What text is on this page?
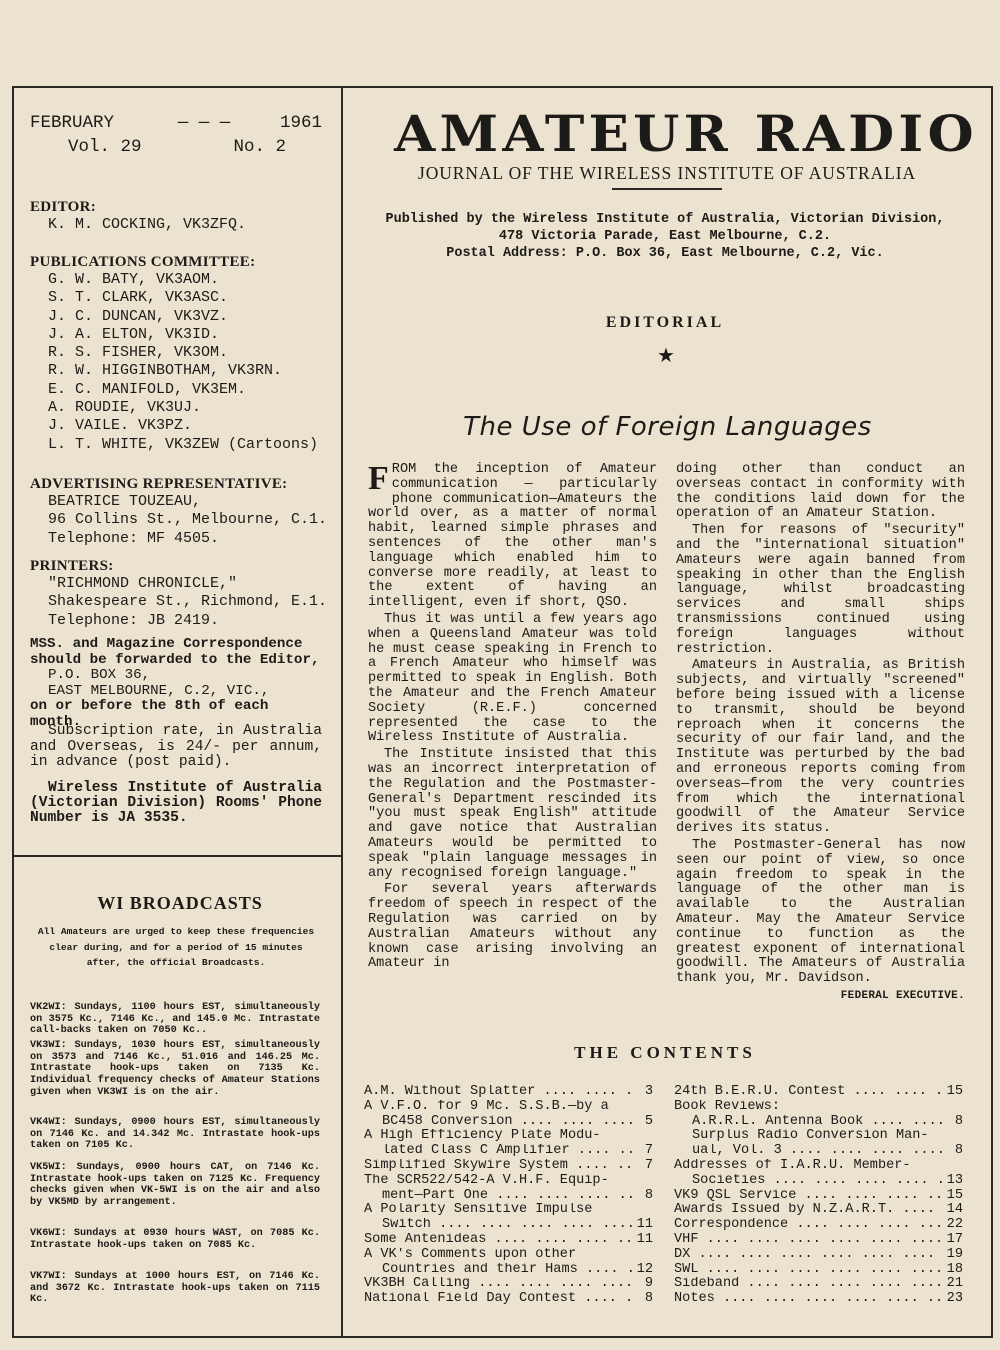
FEBRUARY	— — —	1961
Vol. 29	No. 2
EDITOR:
K. M. COCKING, VK3ZFQ.
PUBLICATIONS COMMITTEE:
G. W. BATY, VK3AOM.
S. T. CLARK, VK3ASC.
J. C. DUNCAN, VK3VZ.
J. A. ELTON, VK3ID.
R. S. FISHER, VK3OM.
R. W. HIGGINBOTHAM, VK3RN.
E. C. MANIFOLD, VK3EM.
A. ROUDIE, VK3UJ.
J. VAILE. VK3PZ.
L. T. WHITE, VK3ZEW (Cartoons)
ADVERTISING REPRESENTATIVE:
BEATRICE TOUZEAU,
96 Collins St., Melbourne, C.1.
Telephone: MF 4505.
PRINTERS:
"RICHMOND CHRONICLE,"
Shakespeare St., Richmond, E.1.
Telephone: JB 2419.
MSS. and Magazine Correspondence
should be forwarded to the Editor,
P.O. BOX 36,
EAST MELBOURNE, C.2, VIC.,
on or before the 8th of each month.
Subscription rate, in Australia and Overseas, is 24/- per annum, in advance (post paid).
Wireless Institute of Australia (Victorian Division) Rooms' Phone Number is JA 3535.
WI BROADCASTS
All Amateurs are urged to keep these frequencies clear during, and for a period of 15 minutes after, the official Broadcasts.
VK2WI: Sundays, 1100 hours EST, simultaneously on 3575 Kc., 7146 Kc., and 145.0 Mc. Intrastate call-backs taken on 7050 Kc..
VK3WI: Sundays, 1030 hours EST, simultaneously on 3573 and 7146 Kc., 51.016 and 146.25 Mc. Intrastate hook-ups taken on 7135 Kc. Individual frequency checks of Amateur Stations given when VK3WI is on the air.
VK4WI: Sundays, 0900 hours EST, simultaneously on 7146 Kc. and 14.342 Mc. Intrastate hook-ups taken on 7105 Kc.
VK5WI: Sundays, 0900 hours CAT, on 7146 Kc. Intrastate hook-ups taken on 7125 Kc. Frequency checks given when VK-5WI is on the air and also by VK5MD by arrangement.
VK6WI: Sundays at 0930 hours WAST, on 7085 Kc. Intrastate hook-ups taken on 7085 Kc.
VK7WI: Sundays at 1000 hours EST, on 7146 Kc. and 3672 Kc. Intrastate hook-ups taken on 7115 Kc.
AMATEUR RADIO
JOURNAL OF THE WIRELESS INSTITUTE OF AUSTRALIA
Published by the Wireless Institute of Australia, Victorian Division,
478 Victoria Parade, East Melbourne, C.2.
Postal Address: P.O. Box 36, East Melbourne, C.2, Vic.
EDITORIAL
★
The Use of Foreign Languages

FROM the inception of Amateur communication — particularly phone communication—Amateurs the world over, as a matter of normal habit, learned simple phrases and sentences of the other man's language which enabled him to converse more readily, at least to the extent of having an intelligent, even if short, QSO.

Thus it was until a few years ago when a Queensland Amateur was told he must cease speaking in French to a French Amateur who himself was permitted to speak in English. Both the Amateur and the French Amateur Society (R.E.F.) concerned represented the case to the Wireless Institute of Australia.

The Institute insisted that this was an incorrect interpretation of the Regulation and the Postmaster-General's Department rescinded its "you must speak English" attitude and gave notice that Australian Amateurs would be permitted to speak "plain language messages in any recognised foreign language."

For several years afterwards freedom of speech in respect of the Regulation was carried on by Australian Amateurs without any known case arising involving an Amateur in

doing other than conduct an overseas contact in conformity with the conditions laid down for the operation of an Amateur Station.

Then for reasons of "security" and the "international situation" Amateurs were again banned from speaking in other than the English language, whilst broadcasting services and small ships transmissions continued using foreign languages without restriction.

Amateurs in Australia, as British subjects, and virtually "screened" before being issued with a license to transmit, should be beyond reproach when it concerns the security of our fair land, and the Institute was perturbed by the bad and erroneous reports coming from overseas—from the very countries from which the international goodwill of the Amateur Service derives its status.

The Postmaster-General has now seen our point of view, so once again freedom to speak in the language of the other man is available to the Australian Amateur. May the Amateur Service continue to function as the greatest exponent of international goodwill. The Amateurs of Australia thank you, Mr. Davidson.

FEDERAL EXECUTIVE.
THE CONTENTS
A.M. Without Splatter ....	3
A V.F.O. for 9 Mc. S.S.B.—by a
BC458 Conversion ....	5
A High Efficiency Plate Modu-
lated Class C Amplifier ....	7
Simplified Skywire System ....	7
The SCR522/542-A V.H.F. Equip-
ment—Part One ....	8
A Polarity Sensitive Impulse
Switch ....	11
Some Antenideas ....	11
A VK's Comments upon other
Countries and their Hams ....	12
VK3BH Calling ....	9
National Field Day Contest ....	8
24th B.E.R.U. Contest ....	15
Book Reviews:
A.R.R.L. Antenna Book ....	8
Surplus Radio Conversion Man-
ual, Vol. 3 ....	8
Addresses of I.A.R.U. Member-
Societies ....	13
VK9 QSL Service ....	15
Awards Issued by N.Z.A.R.T. ....	14
Correspondence ....	22
VHF ....	17
DX ....	19
SWL ....	18
Sideband ....	21
Notes ....	23
